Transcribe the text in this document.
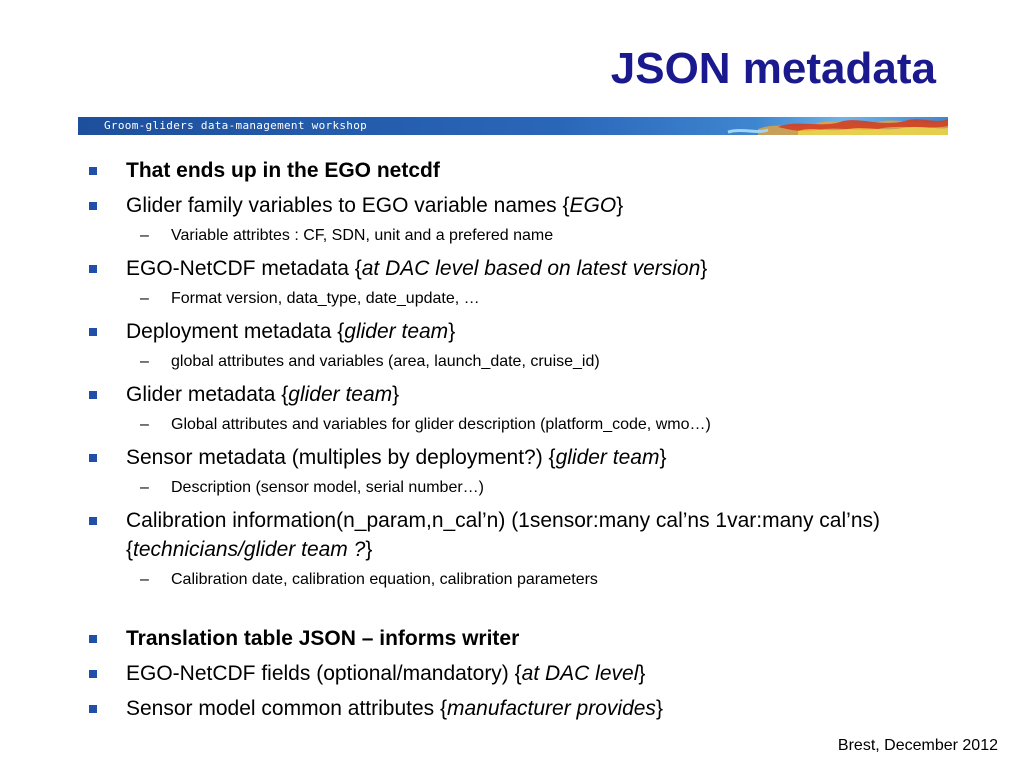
JSON metadata
Groom-gliders data-management workshop
That ends up in the EGO netcdf
Glider family variables to EGO variable names {EGO}
– Variable attribtes : CF, SDN, unit and a prefered name
EGO-NetCDF metadata {at DAC level based on latest version}
– Format version, data_type, date_update, …
Deployment metadata {glider team}
– global attributes and variables (area, launch_date, cruise_id)
Glider metadata {glider team}
– Global attributes and variables for glider description (platform_code, wmo…)
Sensor metadata (multiples by deployment?) {glider team}
– Description (sensor model, serial number…)
Calibration information(n_param,n_cal’n) (1sensor:many cal’ns 1var:many cal’ns) {technicians/glider team ?}
– Calibration date, calibration equation, calibration parameters
Translation table JSON – informs writer
EGO-NetCDF fields (optional/mandatory) {at DAC level}
Sensor model common attributes {manufacturer provides}
Brest, December 2012
